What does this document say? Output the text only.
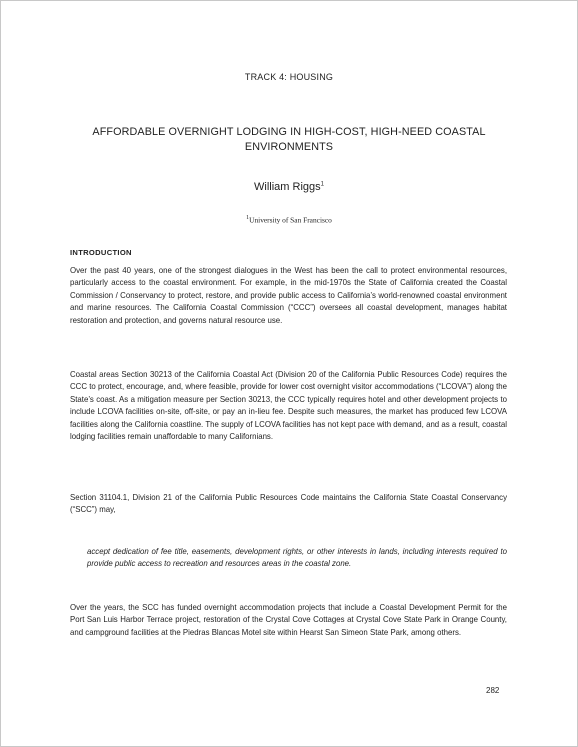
TRACK 4: HOUSING
AFFORDABLE OVERNIGHT LODGING IN HIGH-COST, HIGH-NEED COASTAL ENVIRONMENTS
William Riggs$^1$
$^1$University of San Francisco
INTRODUCTION

Over the past 40 years, one of the strongest dialogues in the West has been the call to protect environmental resources, particularly access to the coastal environment. For example, in the mid-1970s the State of California created the Coastal Commission / Conservancy to protect, restore, and provide public access to California’s world-renowned coastal environment and marine resources. The California Coastal Commission (“CCC”) oversees all coastal development, manages habitat restoration and protection, and governs natural resource use.

Coastal areas Section 30213 of the California Coastal Act (Division 20 of the California Public Resources Code) requires the CCC to protect, encourage, and, where feasible, provide for lower cost overnight visitor accommodations (“LCOVA”) along the State’s coast. As a mitigation measure per Section 30213, the CCC typically requires hotel and other development projects to include LCOVA facilities on-site, off-site, or pay an in-lieu fee. Despite such measures, the market has produced few LCOVA facilities along the California coastline. The supply of LCOVA facilities has not kept pace with demand, and as a result, coastal lodging facilities remain unaffordable to many Californians.

Section 31104.1, Division 21 of the California Public Resources Code maintains the California State Coastal Conservancy (“SCC”) may,

accept dedication of fee title, easements, development rights, or other interests in lands, including interests required to provide public access to recreation and resources areas in the coastal zone.

Over the years, the SCC has funded overnight accommodation projects that include a Coastal Development Permit for the Port San Luis Harbor Terrace project, restoration of the Crystal Cove Cottages at Crystal Cove State Park in Orange County, and campground facilities at the Piedras Blancas Motel site within Hearst San Simeon State Park, among others.

282
